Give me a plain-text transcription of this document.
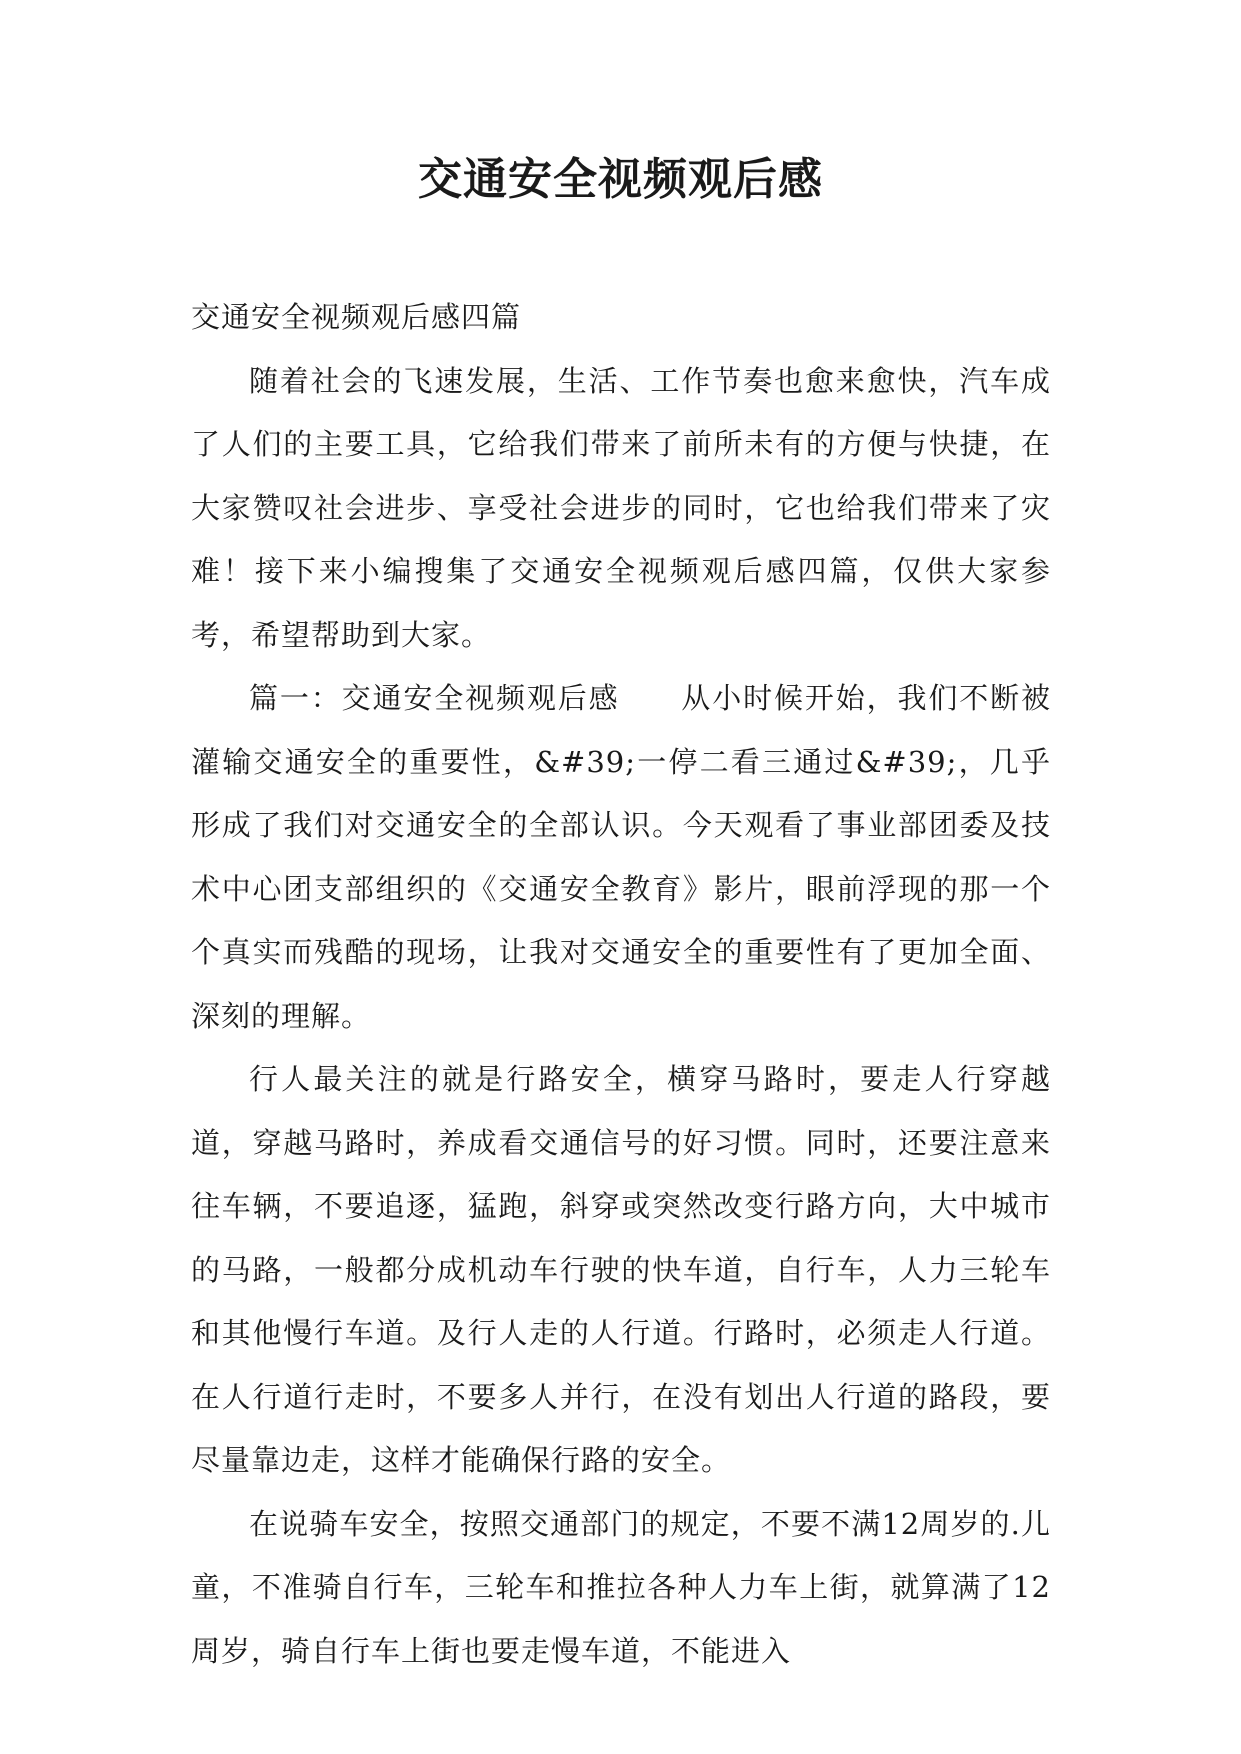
交通安全视频观后感

交通安全视频观后感四篇

随着社会的飞速发展，生活、工作节奏也愈来愈快，汽车成了人们的主要工具，它给我们带来了前所未有的方便与快捷，在大家赞叹社会进步、享受社会进步的同时，它也给我们带来了灾难！接下来小编搜集了交通安全视频观后感四篇，仅供大家参考，希望帮助到大家。

篇一：交通安全视频观后感　　从小时候开始，我们不断被灌输交通安全的重要性，&#39;一停二看三通过&#39;，几乎形成了我们对交通安全的全部认识。今天观看了事业部团委及技术中心团支部组织的《交通安全教育》影片，眼前浮现的那一个个真实而残酷的现场，让我对交通安全的重要性有了更加全面、深刻的理解。

行人最关注的就是行路安全，横穿马路时，要走人行穿越道，穿越马路时，养成看交通信号的好习惯。同时，还要注意来往车辆，不要追逐，猛跑，斜穿或突然改变行路方向，大中城市的马路，一般都分成机动车行驶的快车道，自行车，人力三轮车和其他慢行车道。及行人走的人行道。行路时，必须走人行道。在人行道行走时，不要多人并行，在没有划出人行道的路段，要尽量靠边走，这样才能确保行路的安全。

在说骑车安全，按照交通部门的规定，不要不满12周岁的.儿童，不准骑自行车，三轮车和推拉各种人力车上街，就算满了12周岁，骑自行车上街也要走慢车道，不能进入
